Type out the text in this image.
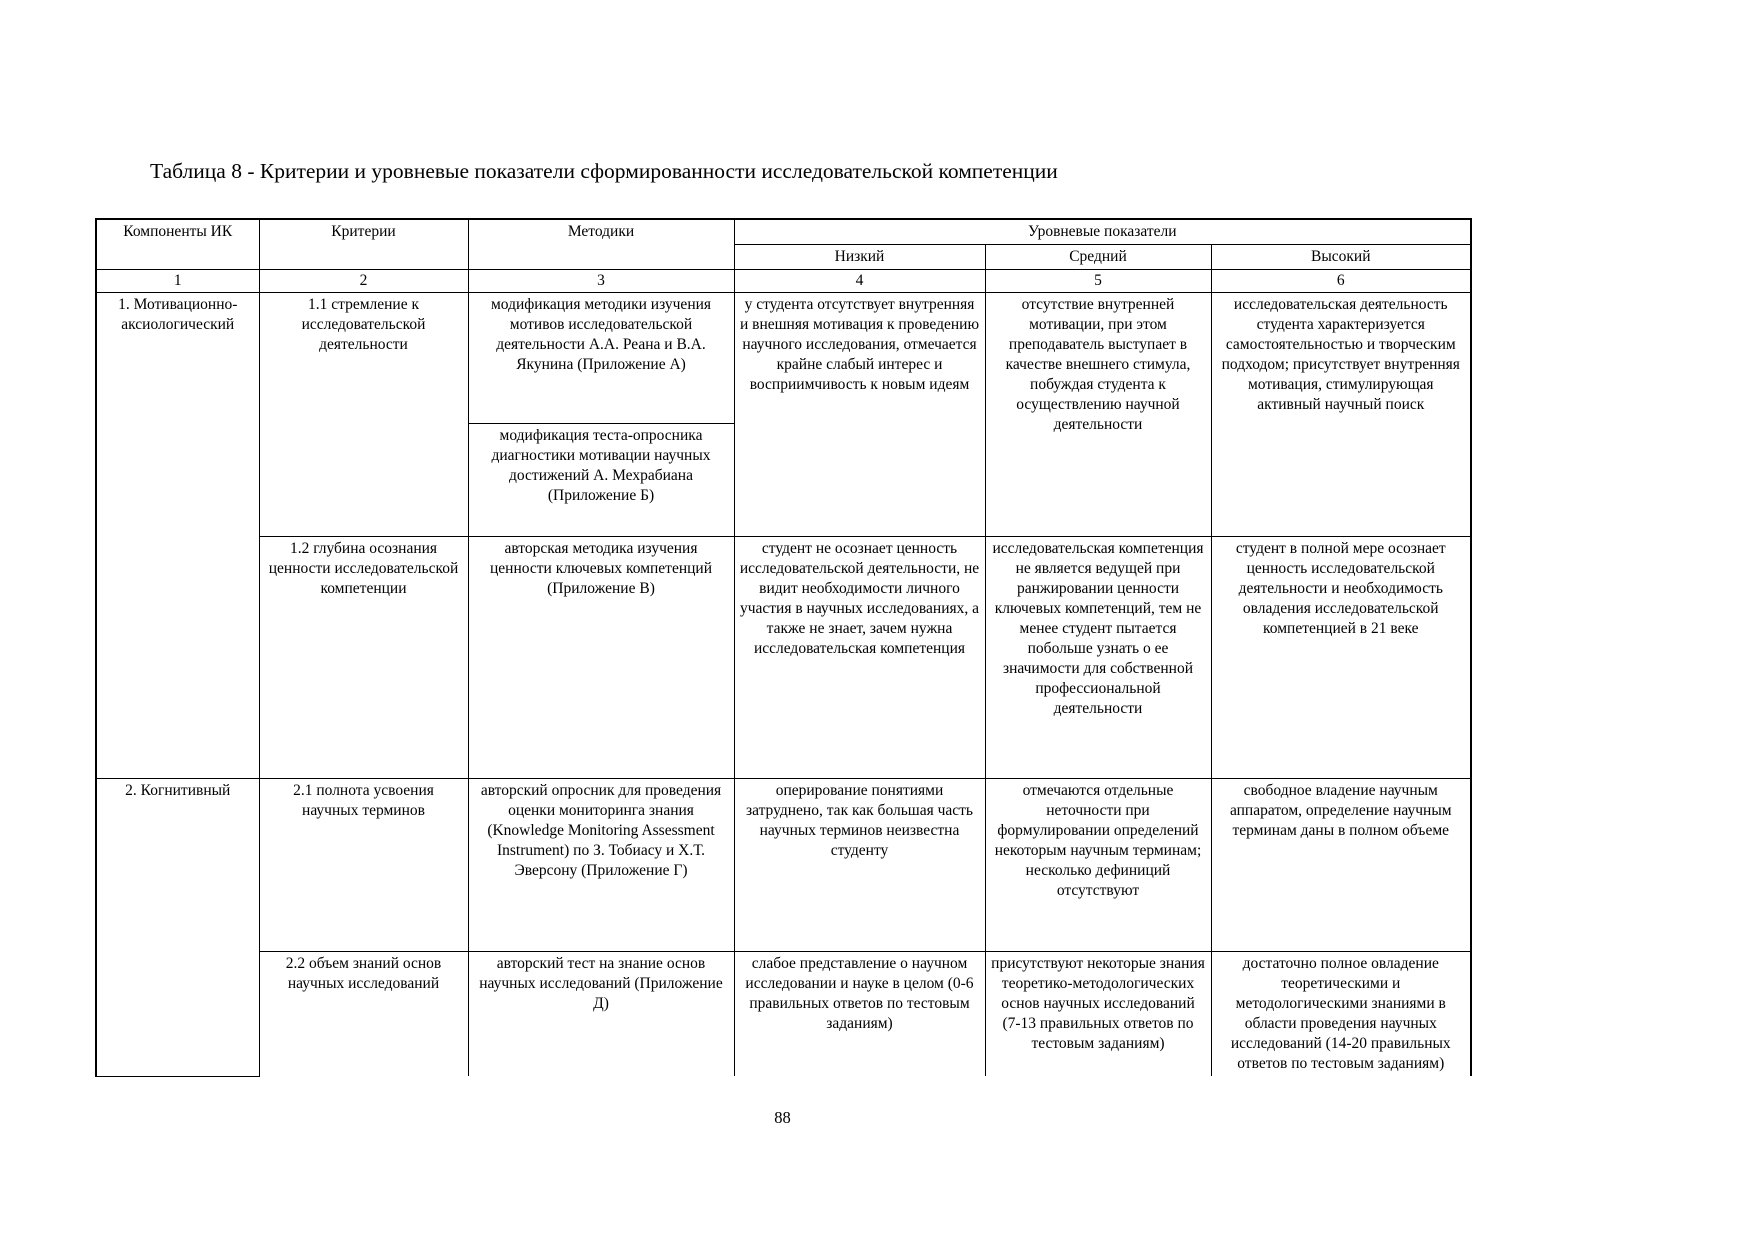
Таблица 8 - Критерии и уровневые показатели сформированности исследовательской компетенции
Компоненты ИК	Критерии	Методики	Уровневые показатели		
			Низкий	Средний	Высокий
1	2	3	4	5	6
1. Мотивационно-аксиологический	1.1 стремление к исследовательской деятельности	модификация методики изучения мотивов исследовательской деятельности А.А. Реана и В.А. Якунина (Приложение А)	у студента отсутствует внутренняя и внешняя мотивация к проведению научного исследования, отмечается крайне слабый интерес и восприимчивость к новым идеям	отсутствие внутренней мотивации, при этом преподаватель выступает в качестве внешнего стимула, побуждая студента к осуществлению научной деятельности	исследовательская деятельность студента характеризуется самостоятельностью и творческим подходом; присутствует внутренняя мотивация, стимулирующая активный научный поиск
		модификация теста-опросника диагностики мотивации научных достижений А. Мехрабиана (Приложение Б)			
	1.2 глубина осознания ценности исследовательской компетенции	авторская методика изучения ценности ключевых компетенций (Приложение В)	студент не осознает ценность исследовательской деятельности, не видит необходимости личного участия в научных исследованиях, а также не знает, зачем нужна исследовательская компетенция	исследовательская компетенция не является ведущей при ранжировании ценности ключевых компетенций, тем не менее студент пытается побольше узнать о ее значимости для собственной профессиональной деятельности	студент в полной мере осознает ценность исследовательской деятельности и необходимость овладения исследовательской компетенцией в 21 веке
2. Когнитивный	2.1 полнота усвоения научных терминов	авторский опросник для проведения оценки мониторинга знания (Knowledge Monitoring Assessment Instrument) по З. Тобиасу и Х.Т. Эверсону (Приложение Г)	оперирование понятиями затруднено, так как большая часть научных терминов неизвестна студенту	отмечаются отдельные неточности при формулировании определений некоторым научным терминам; несколько дефиниций отсутствуют	свободное владение научным аппаратом, определение научным терминам даны в полном объеме
	2.2 объем знаний основ научных исследований	авторский тест на знание основ научных исследований (Приложение Д)	слабое представление о научном исследовании и науке в целом (0-6 правильных ответов по тестовым заданиям)	присутствуют некоторые знания теоретико-методологических основ научных исследований (7-13 правильных ответов по тестовым заданиям)	достаточно полное овладение теоретическими и методологическими знаниями в области проведения научных исследований (14-20 правильных ответов по тестовым заданиям)
88
